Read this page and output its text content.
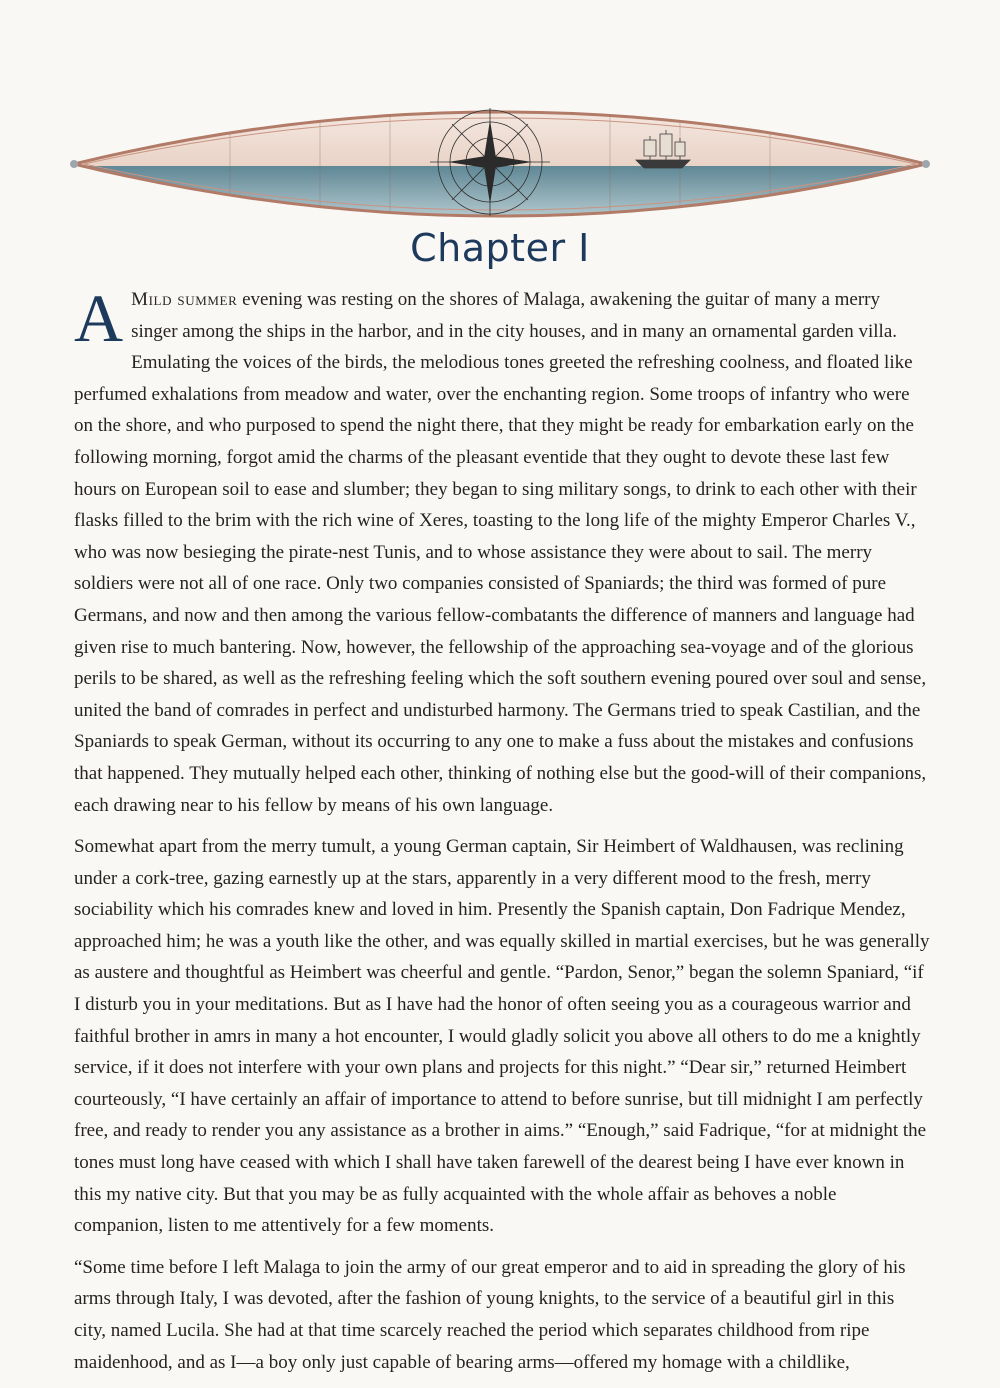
Chapter I

A Mild summer evening was resting on the shores of Malaga, awakening the guitar of many a merry singer among the ships in the harbor, and in the city houses, and in many an ornamental garden villa. Emulating the voices of the birds, the melodious tones greeted the refreshing coolness, and floated like perfumed exhalations from meadow and water, over the enchanting region. Some troops of infantry who were on the shore, and who purposed to spend the night there, that they might be ready for embarkation early on the following morning, forgot amid the charms of the pleasant eventide that they ought to devote these last few hours on European soil to ease and slumber; they began to sing military songs, to drink to each other with their flasks filled to the brim with the rich wine of Xeres, toasting to the long life of the mighty Emperor Charles V., who was now besieging the pirate-nest Tunis, and to whose assistance they were about to sail. The merry soldiers were not all of one race. Only two companies consisted of Spaniards; the third was formed of pure Germans, and now and then among the various fellow-combatants the difference of manners and language had given rise to much bantering. Now, however, the fellowship of the approaching sea-voyage and of the glorious perils to be shared, as well as the refreshing feeling which the soft southern evening poured over soul and sense, united the band of comrades in perfect and undisturbed harmony. The Germans tried to speak Castilian, and the Spaniards to speak German, without its occurring to any one to make a fuss about the mistakes and confusions that happened. They mutually helped each other, thinking of nothing else but the good-will of their companions, each drawing near to his fellow by means of his own language.

Somewhat apart from the merry tumult, a young German captain, Sir Heimbert of Waldhausen, was reclining under a cork-tree, gazing earnestly up at the stars, apparently in a very different mood to the fresh, merry sociability which his comrades knew and loved in him. Presently the Spanish captain, Don Fadrique Mendez, approached him; he was a youth like the other, and was equally skilled in martial exercises, but he was generally as austere and thoughtful as Heimbert was cheerful and gentle. “Pardon, Senor,” began the solemn Spaniard, “if I disturb you in your meditations. But as I have had the honor of often seeing you as a courageous warrior and faithful brother in amrs in many a hot encounter, I would gladly solicit you above all others to do me a knightly service, if it does not interfere with your own plans and projects for this night.” “Dear sir,” returned Heimbert courteously, “I have certainly an affair of importance to attend to before sunrise, but till midnight I am perfectly free, and ready to render you any assistance as a brother in aims.” “Enough,” said Fadrique, “for at midnight the tones must long have ceased with which I shall have taken farewell of the dearest being I have ever known in this my native city. But that you may be as fully acquainted with the whole affair as behoves a noble companion, listen to me attentively for a few moments.

“Some time before I left Malaga to join the army of our great emperor and to aid in spreading the glory of his arms through Italy, I was devoted, after the fashion of young knights, to the service of a beautiful girl in this city, named Lucila. She had at that time scarcely reached the period which separates childhood from ripe maidenhood, and as I—a boy only just capable of bearing arms—offered my homage with a childlike,
